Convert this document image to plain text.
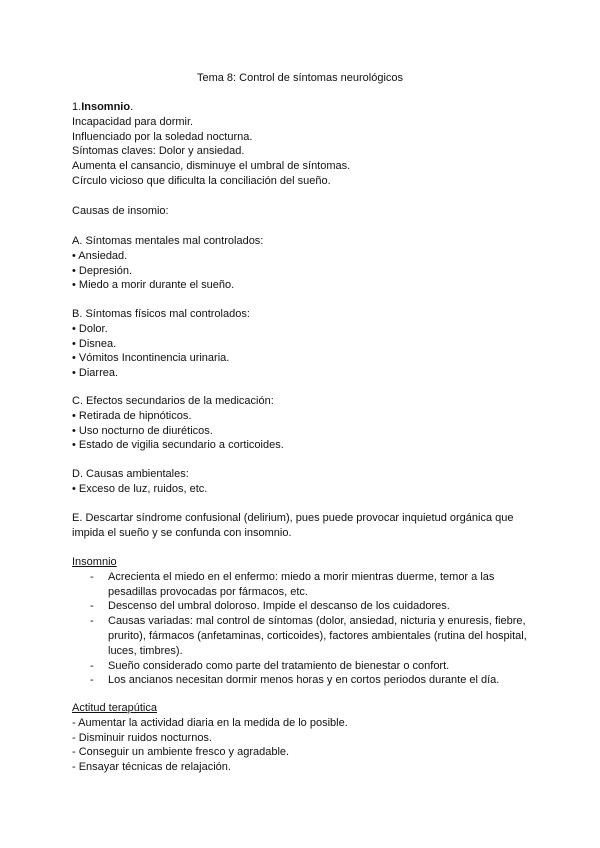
Tema 8: Control de síntomas neurológicos

1.Insomnio.

Incapacidad para dormir.

Influenciado por la soledad nocturna.

Síntomas claves: Dolor y ansiedad.

Aumenta el cansancio, disminuye el umbral de síntomas.

Círculo vicioso que dificulta la conciliación del sueño.

Causas de insomio:

A. Síntomas mentales mal controlados:

• Ansiedad.

• Depresión.

• Miedo a morir durante el sueño.

B. Síntomas físicos mal controlados:

• Dolor.

• Disnea.

• Vómitos Incontinencia urinaria.

• Diarrea.

C. Efectos secundarios de la medicación:

• Retirada de hipnóticos.

• Uso nocturno de diuréticos.

• Estado de vigilia secundario a corticoides.

D. Causas ambientales:

• Exceso de luz, ruidos, etc.

E. Descartar síndrome confusional (delirium), pues puede provocar inquietud orgánica que impida el sueño y se confunda con insomnio.

Insomnio

- Acrecienta el miedo en el enfermo: miedo a morir mientras duerme, temor a las pesadillas provocadas por fármacos, etc.
- Descenso del umbral doloroso. Impide el descanso de los cuidadores.
- Causas variadas: mal control de síntomas (dolor, ansiedad, nicturia y enuresis, fiebre, prurito), fármacos (anfetaminas, corticoides), factores ambientales (rutina del hospital, luces, timbres).
- Sueño considerado como parte del tratamiento de bienestar o confort.
- Los ancianos necesitan dormir menos horas y en cortos periodos durante el día.

Actitud terapútica

- Aumentar la actividad diaria en la medida de lo posible.

- Disminuir ruidos nocturnos.

- Conseguir un ambiente fresco y agradable.

- Ensayar técnicas de relajación.
